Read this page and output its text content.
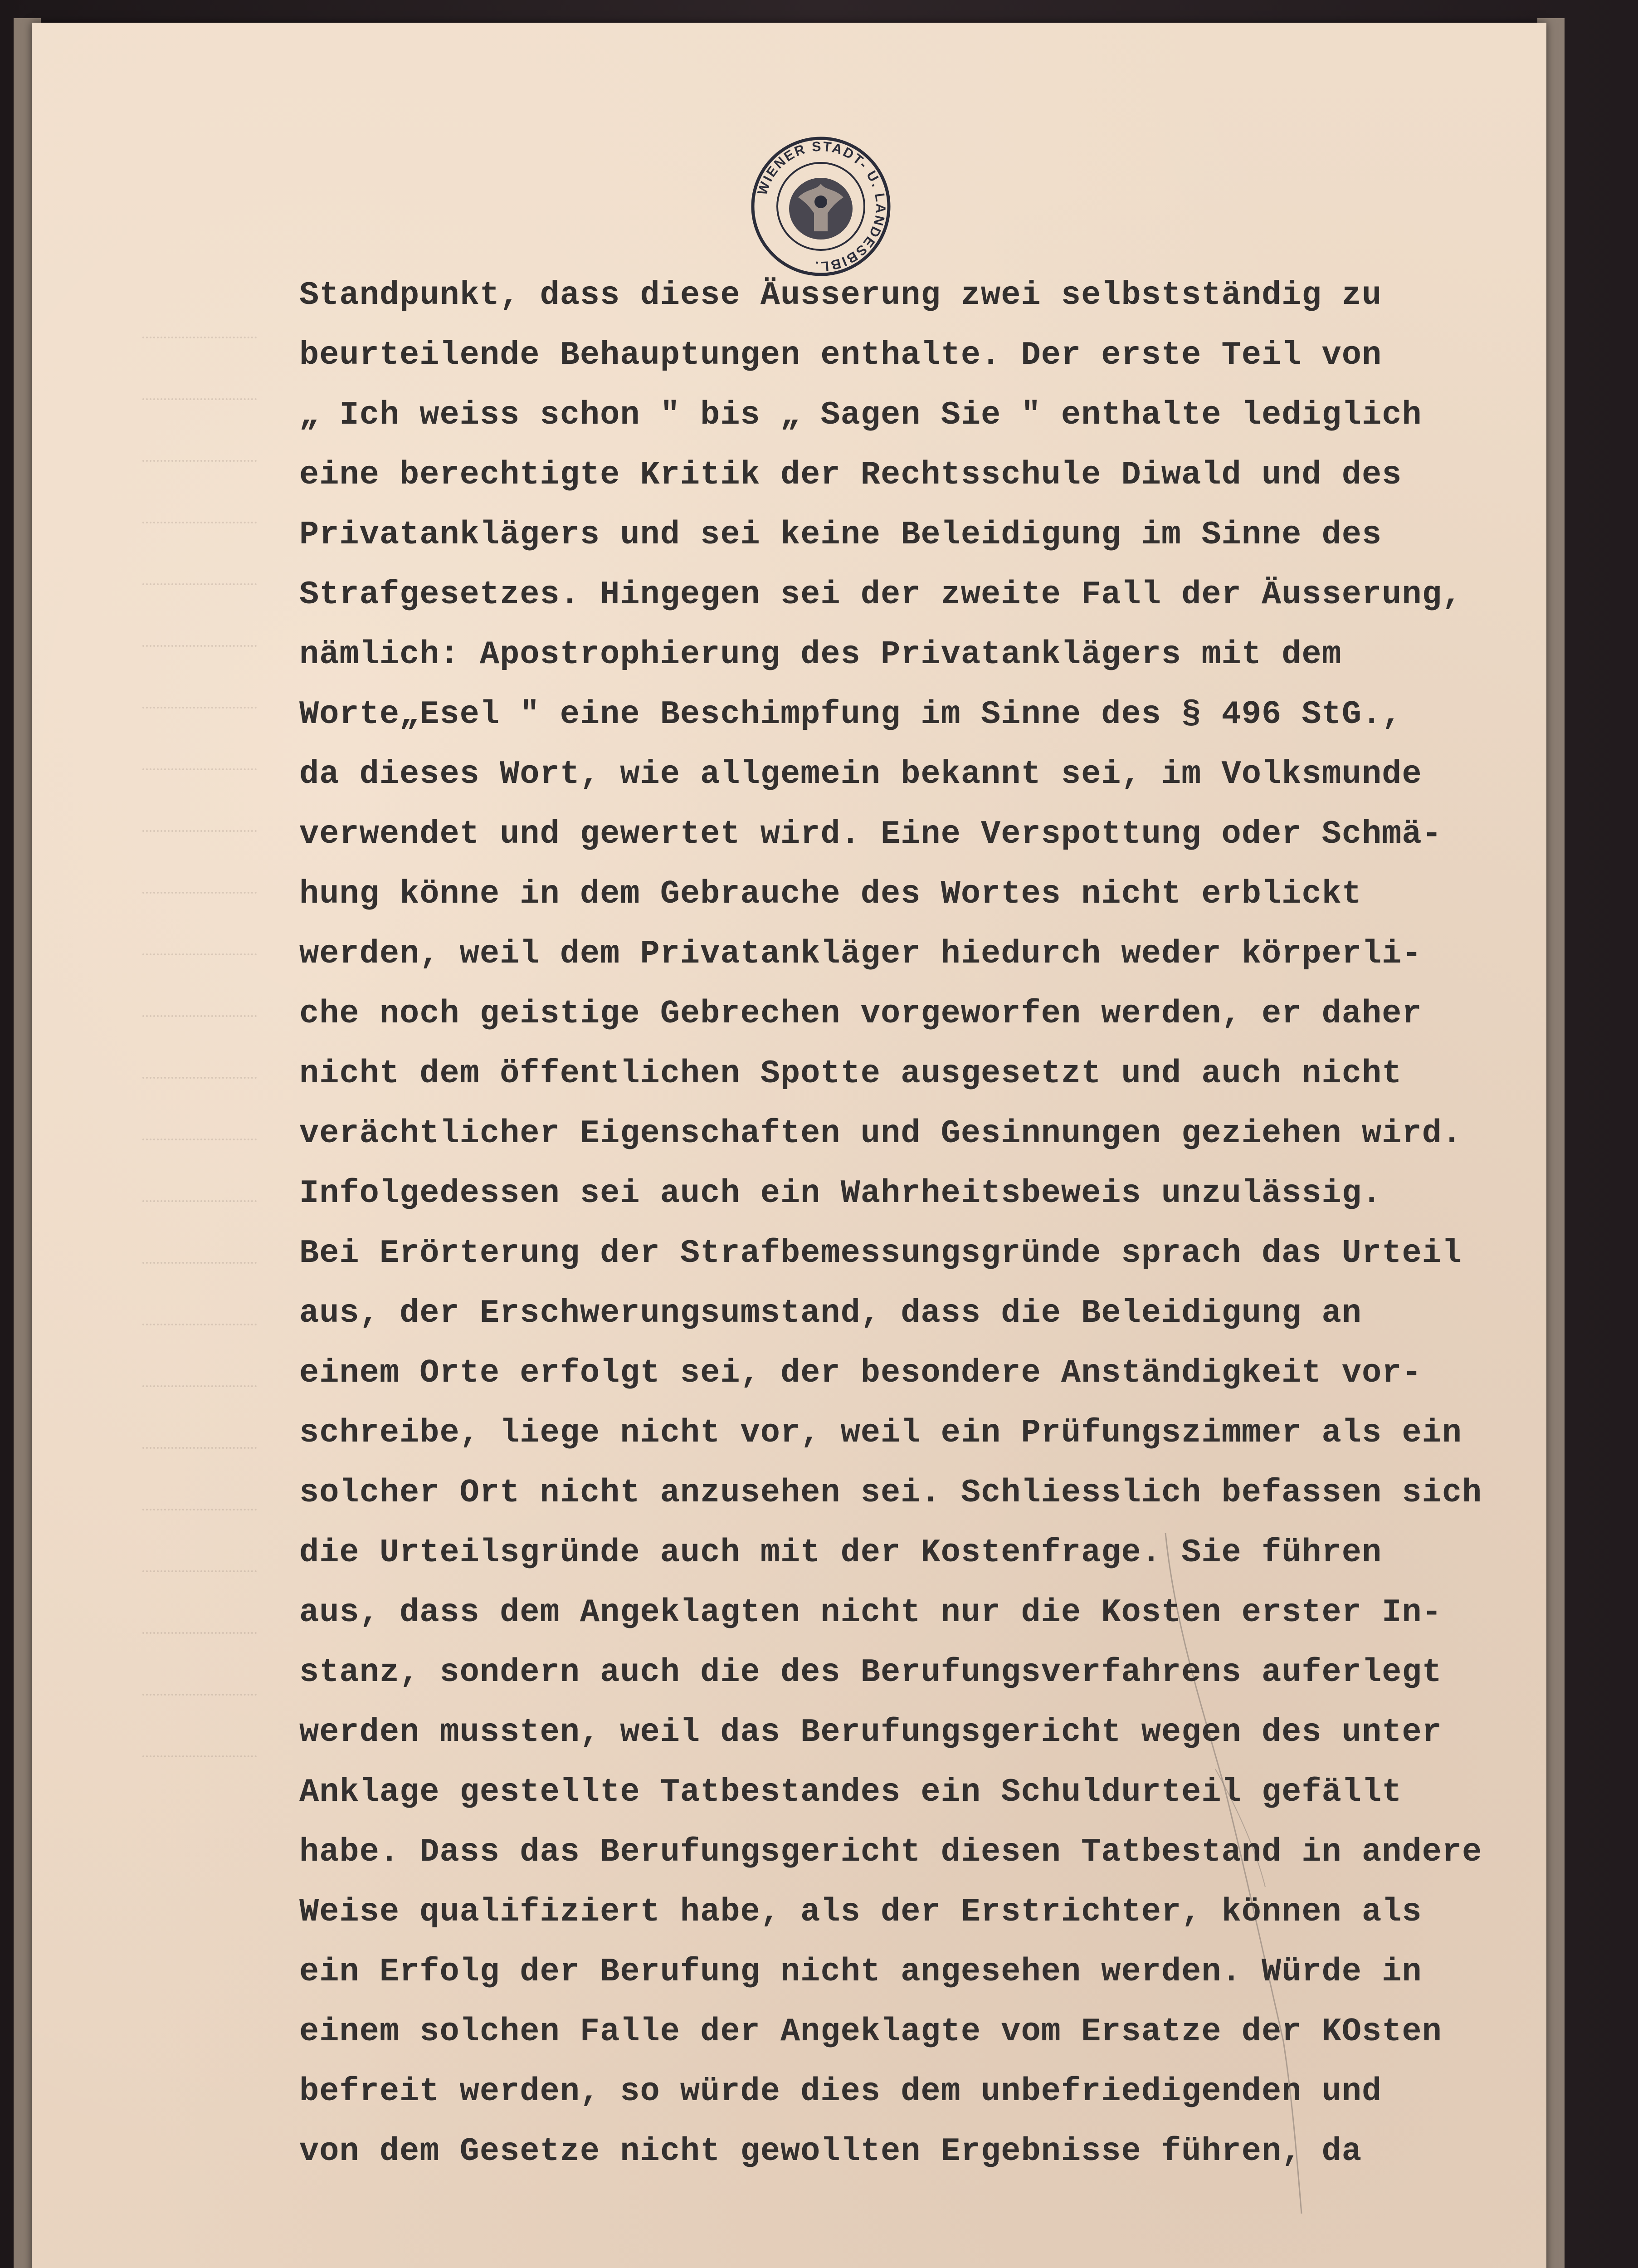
WIENER STADT- U. LANDESBIBL.
Standpunkt, dass diese Äusserung zwei selbstständig zu
beurteilende Behauptungen enthalte. Der erste Teil von
„ Ich weiss schon " bis „ Sagen Sie " enthalte lediglich
eine berechtigte Kritik der Rechtsschule Diwald und des
Privatanklägers und sei keine Beleidigung im Sinne des
Strafgesetzes. Hingegen sei der zweite Fall der Äusserung,
nämlich: Apostrophierung des Privatanklägers mit dem
Worte„Esel " eine Beschimpfung im Sinne des § 496 StG.,
da dieses Wort, wie allgemein bekannt sei, im Volksmunde
verwendet und gewertet wird. Eine Verspottung oder Schmä-
hung könne in dem Gebrauche des Wortes nicht erblickt
werden, weil dem Privatankläger hiedurch weder körperli-
che noch geistige Gebrechen vorgeworfen werden, er daher
nicht dem öffentlichen Spotte ausgesetzt und auch nicht
verächtlicher Eigenschaften und Gesinnungen geziehen wird.
Infolgedessen sei auch ein Wahrheitsbeweis unzulässig.
Bei Erörterung der Strafbemessungsgründe sprach das Urteil
aus, der Erschwerungsumstand, dass die Beleidigung an
einem Orte erfolgt sei, der besondere Anständigkeit vor-
schreibe, liege nicht vor, weil ein Prüfungszimmer als ein
solcher Ort nicht anzusehen sei. Schliesslich befassen sich
die Urteilsgründe auch mit der Kostenfrage. Sie führen
aus, dass dem Angeklagten nicht nur die Kosten erster In-
stanz, sondern auch die des Berufungsverfahrens auferlegt
werden mussten, weil das Berufungsgericht wegen des unter
Anklage gestellte Tatbestandes ein Schuldurteil gefällt
habe. Dass das Berufungsgericht diesen Tatbestand in andere
Weise qualifiziert habe, als der Erstrichter, können als
ein Erfolg der Berufung nicht angesehen werden. Würde in
einem solchen Falle der Angeklagte vom Ersatze der KOsten
befreit werden, so würde dies dem unbefriedigenden und
von dem Gesetze nicht gewollten Ergebnisse führen, da
